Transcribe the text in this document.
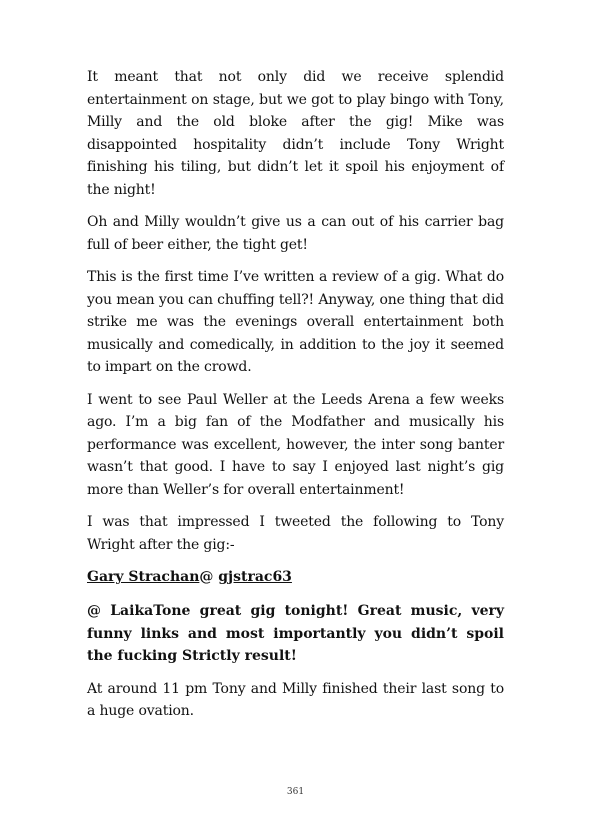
It meant that not only did we receive splendid entertainment on stage, but we got to play bingo with Tony, Milly and the old bloke after the gig! Mike was disappointed hospitality didn’t include Tony Wright finishing his tiling, but didn’t let it spoil his enjoyment of the night!

Oh and Milly wouldn’t give us a can out of his carrier bag full of beer either, the tight get!

This is the first time I’ve written a review of a gig. What do you mean you can chuffing tell?! Anyway, one thing that did strike me was the evenings overall entertainment both musically and comedically, in addition to the joy it seemed to impart on the crowd.

I went to see Paul Weller at the Leeds Arena a few weeks ago. I’m a big fan of the Modfather and musically his performance was excellent, however, the inter song banter wasn’t that good. I have to say I enjoyed last night’s gig more than Weller’s for overall entertainment!

I was that impressed I tweeted the following to Tony Wright after the gig:-

Gary Strachan‏@ gjstrac63

@ LaikaTone great gig tonight! Great music, very funny links and most importantly you didn’t spoil the fucking Strictly result!

At around 11 pm Tony and Milly finished their last song to a huge ovation.

361
